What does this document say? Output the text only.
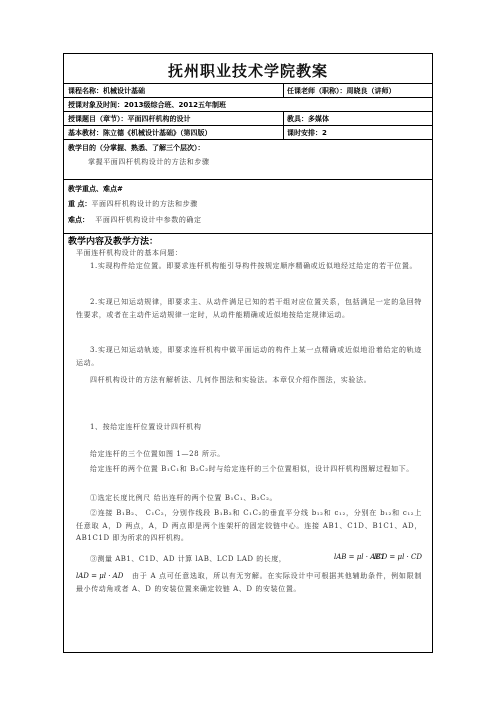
抚州职业技术学院教案
课程名称：机械设计基础	任课老师（职称）：周晓良（讲师）
授课对象及时间：2013级综合班、2012五年制班
授课题目（章节）：平面四杆机构的设计	教具：多媒体
基本教材：陈立德《机械设计基础》（第四版）	课时安排：2
教学目的（分掌握、熟悉、了解三个层次）：
掌握平面四杆机构设计的方法和步骤
教学重点、难点#
重 点：平面四杆机构设计的方法和步骤
难点： 平面四杆机构设计中参数的确定
教学内容及教学方法：
平面连杆机构设计的基本问题：
1.实现构件给定位置。即要求连杆机构能引导构件按规定顺序精确或近似地经过给定的若干位置。
2.实现已知运动规律，即要求主、从动件满足已知的若干组对应位置关系，包括满足一定的急回特性要求，或者在主动件运动规律一定时，从动件能精确或近似地按给定规律运动。
3.实现已知运动轨迹，即要求连杆机构中做平面运动的构件上某一点精确或近似地沿着给定的轨迹运动。
四杆机构设计的方法有解析法、几何作图法和实验法。本章仅介绍作图法，实验法。
1、按给定连杆位置设计四杆机构
给定连杆的三个位置如图 1—28 所示。
给定连杆的两个位置 B₁C₁和 B₂C₂时与给定连杆的三个位置相似，设计四杆机构图解过程如下。
①选定长度比例尺 给出连杆的两个位置 B₁C₁、B₂C₂。
②连接 B₁B₂、 C₁C₂，分别作线段 B₁B₂和 C₁C₂的垂直平分线 b₁₂和 c₁₂，分别在 b₁₂和 c₁₂上任意取 A，D 两点，A，D 两点即是两个连架杆的固定铰链中心。连接 AB1、C1D、B1C1、AD，AB1C1D 即为所求的四杆机构。
③测量 AB1、C1D、AD 计算 lAB、LCD LAD 的长度，	lAB = μl · AB1
lCD = μl · CD
lAD = μl · AD	由于 A 点可任意选取，所以有无穷解。在实际设计中可根据其他辅助条件，例如限制最小传动角或者 A、D 的安装位置来确定铰链 A、D 的安装位置。
